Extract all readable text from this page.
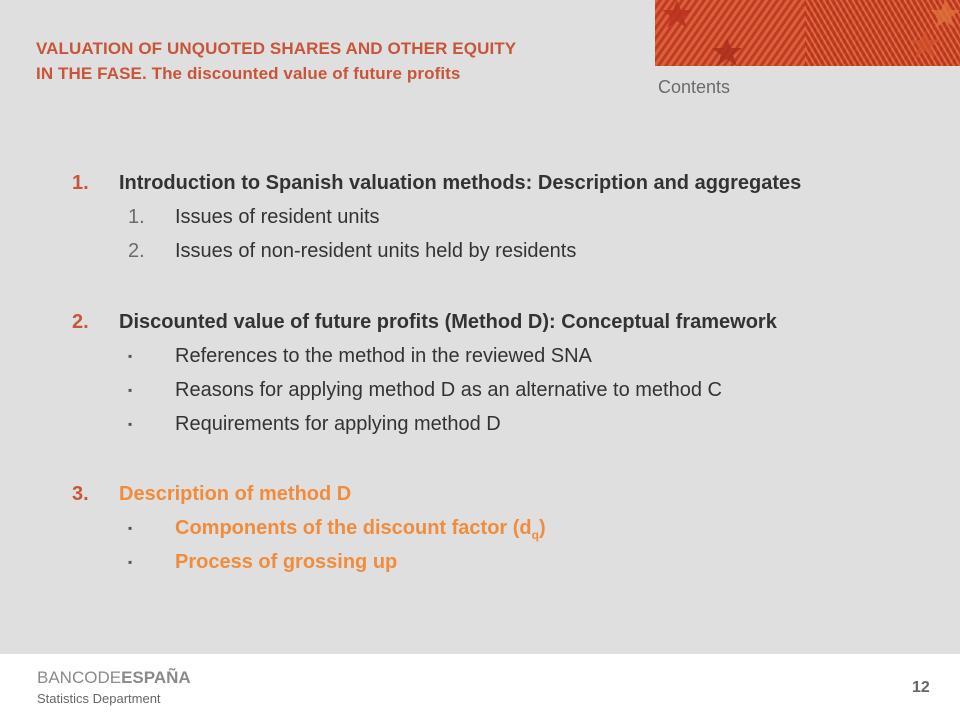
VALUATION OF UNQUOTED SHARES AND OTHER EQUITY
IN THE FASE. The discounted value of future profits
Contents
1.	Introduction to Spanish valuation methods: Description and aggregates
1. Issues of resident units
2. Issues of non-resident units held by residents
2.	Discounted value of future profits (Method D): Conceptual framework
▪ References to the method in the reviewed SNA
▪ Reasons for applying method D as an alternative to method C
▪ Requirements for applying method D
3.	Description of method D
▪ Components of the discount factor $(d_q)$
▪ Process of grossing up
BANCODEESPAÑA
Statistics Department
12
